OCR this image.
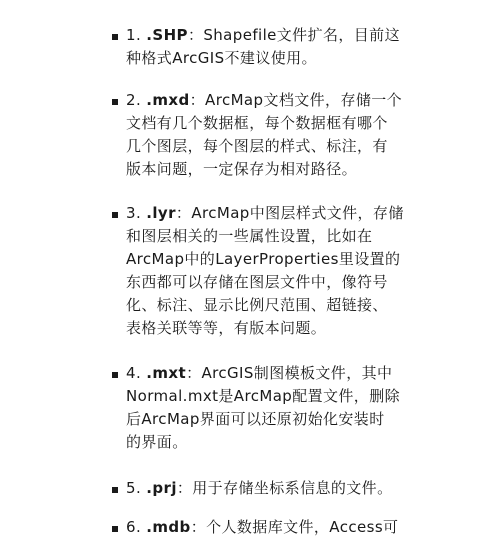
1. .SHP：Shapefile文件扩名，目前这
种格式ArcGIS不建议使用。
2. .mxd：ArcMap文档文件，存储一个
文档有几个数据框，每个数据框有哪个
几个图层，每个图层的样式、标注，有
版本问题，一定保存为相对路径。
3. .lyr：ArcMap中图层样式文件，存储
和图层相关的一些属性设置，比如在
ArcMap中的LayerProperties里设置的
东西都可以存储在图层文件中，像符号
化、标注、显示比例尺范围、超链接、
表格关联等等，有版本问题。
4. .mxt：ArcGIS制图模板文件，其中
Normal.mxt是ArcMap配置文件，删除
后ArcMap界面可以还原初始化安装时
的界面。
5. .prj：用于存储坐标系信息的文件。
6. .mdb：个人数据库文件，Access可
